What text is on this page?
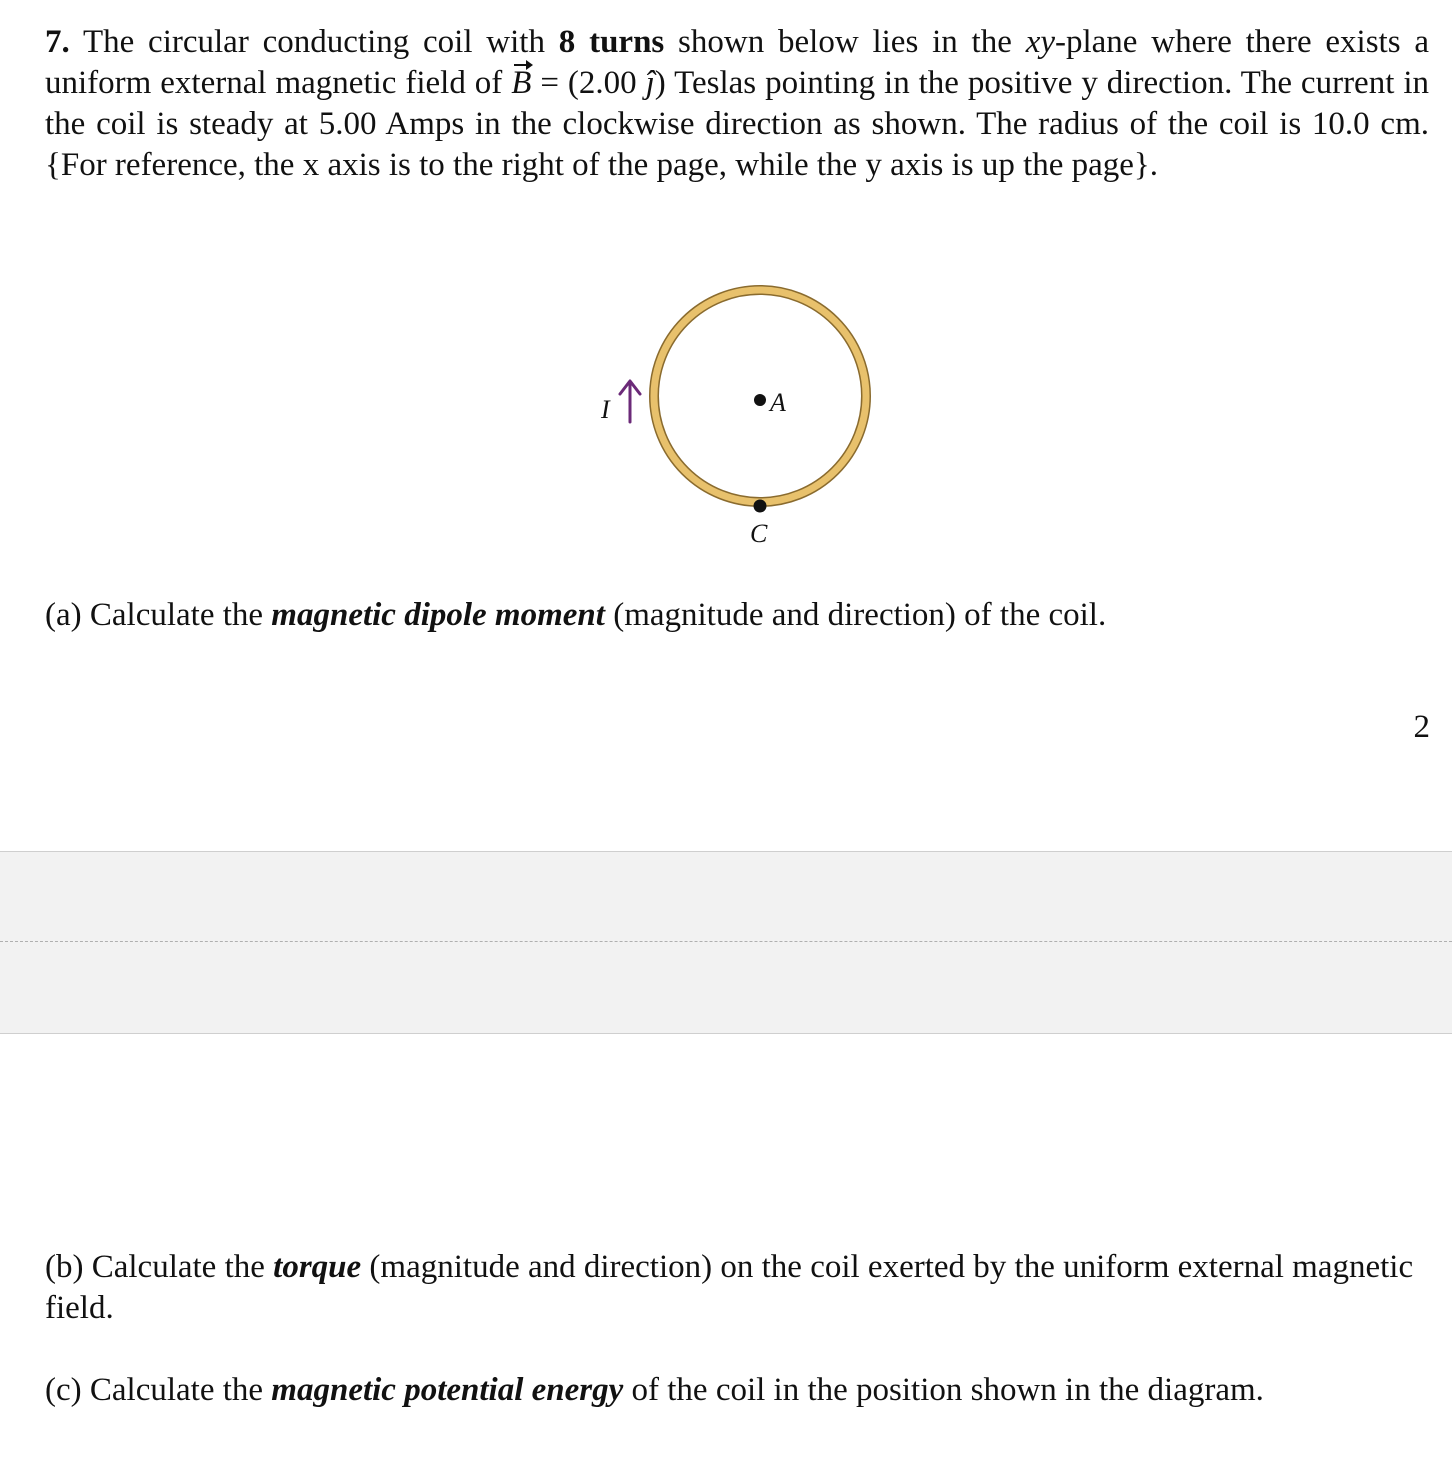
7. The circular conducting coil with 8 turns shown below lies in the xy-plane where there exists a uniform external magnetic field of B = (2.00 ĵ) Teslas pointing in the positive y direction. The current in the coil is steady at 5.00 Amps in the clockwise direction as shown. The radius of the coil is 10.0 cm. {For reference, the x axis is to the right of the page, while the y axis is up the page}.
A
C
I
(a) Calculate the magnetic dipole moment (magnitude and direction) of the coil.
2
(b) Calculate the torque (magnitude and direction) on the coil exerted by the uniform external magnetic field.
(c) Calculate the magnetic potential energy of the coil in the position shown in the diagram.
